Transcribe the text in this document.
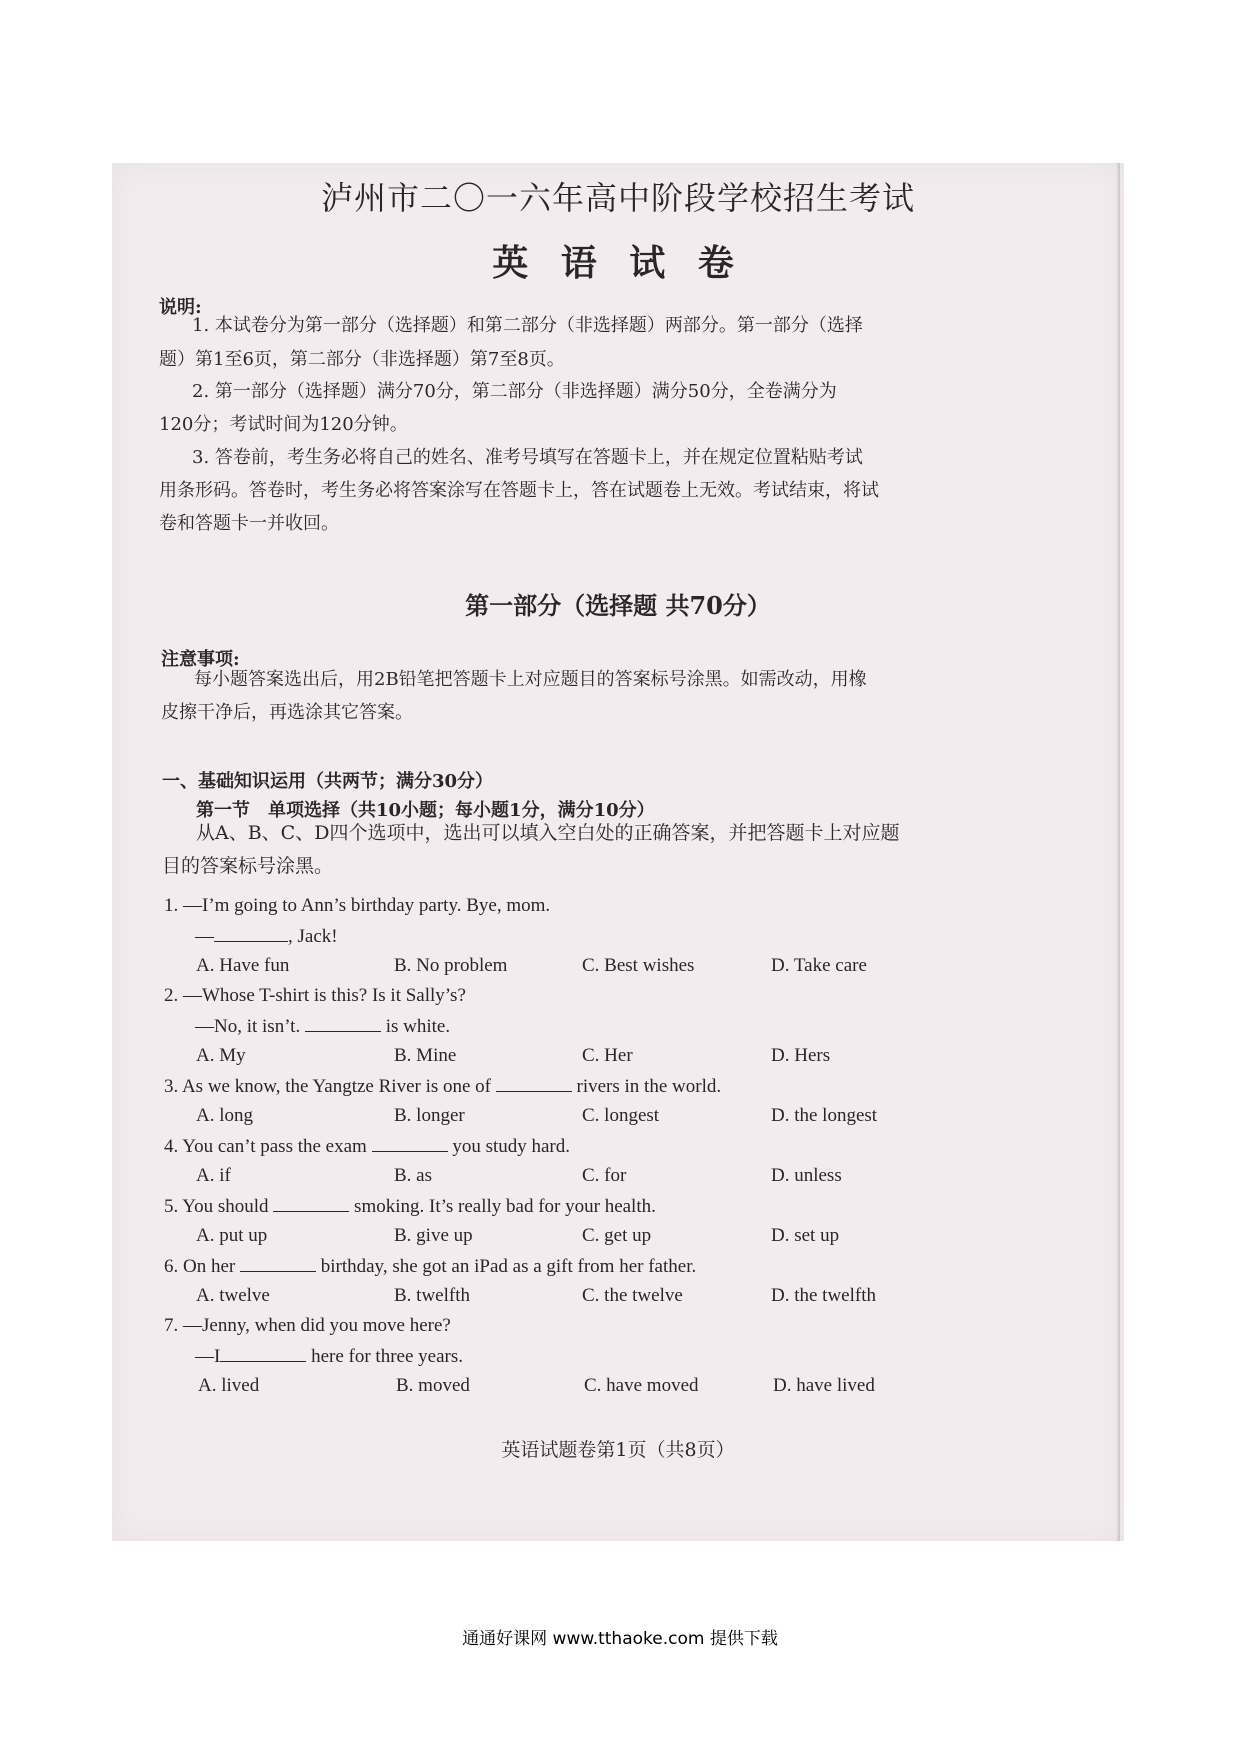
泸州市二〇一六年高中阶段学校招生考试
英 语 试 卷
说明:
1. 本试卷分为第一部分（选择题）和第二部分（非选择题）两部分。第一部分（选择
题）第1至6页，第二部分（非选择题）第7至8页。
2. 第一部分（选择题）满分70分，第二部分（非选择题）满分50分，全卷满分为
120分；考试时间为120分钟。
3. 答卷前，考生务必将自己的姓名、准考号填写在答题卡上，并在规定位置粘贴考试
用条形码。答卷时，考生务必将答案涂写在答题卡上，答在试题卷上无效。考试结束，将试
卷和答题卡一并收回。
第一部分（选择题 共70分）
注意事项:
每小题答案选出后，用2B铅笔把答题卡上对应题目的答案标号涂黑。如需改动，用橡
皮擦干净后，再选涂其它答案。
一、基础知识运用（共两节；满分30分）
第一节　单项选择（共10小题；每小题1分，满分10分）
从A、B、C、D四个选项中，选出可以填入空白处的正确答案，并把答题卡上对应题
目的答案标号涂黑。
1. —I’m going to Ann’s birthday party. Bye, mom.
—	, Jack!
A. Have fun	B. No problem	C. Best wishes	D. Take care
2. —Whose T-shirt is this? Is it Sally’s?
—No, it isn’t.	is white.
A. My	B. Mine	C. Her	D. Hers
3. As we know, the Yangtze River is one of	rivers in the world.
A. long	B. longer	C. longest	D. the longest
4. You can’t pass the exam	you study hard.
A. if	B. as	C. for	D. unless
5. You should	smoking. It’s really bad for your health.
A. put up	B. give up	C. get up	D. set up
6. On her	birthday, she got an iPad as a gift from her father.
A. twelve	B. twelfth	C. the twelve	D. the twelfth
7. —Jenny, when did you move here?
—I	here for three years.
A. lived	B. moved	C. have moved	D. have lived
英语试题卷第1页（共8页）
通通好课网 www.tthaoke.com 提供下载
